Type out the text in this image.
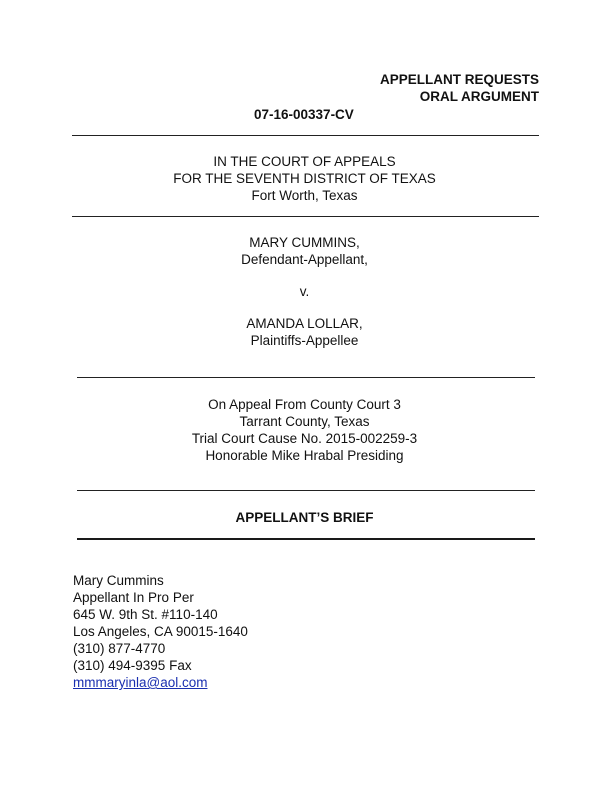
APPELLANT REQUESTS
ORAL ARGUMENT
07-16-00337-CV
IN THE COURT OF APPEALS
FOR THE SEVENTH DISTRICT OF TEXAS
Fort Worth, Texas
MARY CUMMINS,
Defendant-Appellant,
v.
AMANDA LOLLAR,
Plaintiffs-Appellee
On Appeal From County Court 3
Tarrant County, Texas
Trial Court Cause No. 2015-002259-3
Honorable Mike Hrabal Presiding
APPELLANT’S BRIEF
Mary Cummins
Appellant In Pro Per
645 W. 9th St. #110-140
Los Angeles, CA 90015-1640
(310) 877-4770
(310) 494-9395 Fax
mmmaryinla@aol.com
